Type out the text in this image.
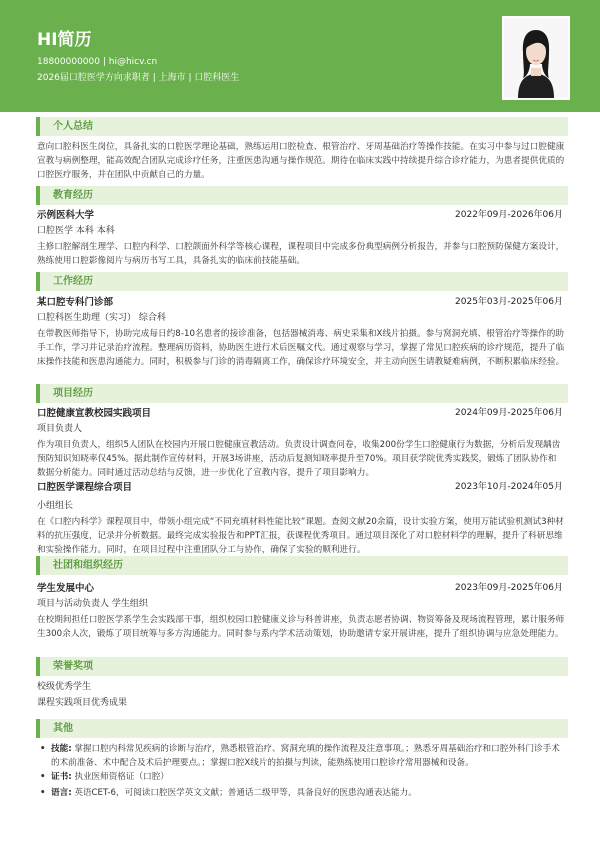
HI简历
18800000000 | hi@hicv.cn
2026届口腔医学方向求职者 | 上海市 | 口腔科医生
个人总结
意向口腔科医生岗位，具备扎实的口腔医学理论基础，熟练运用口腔检查、根管治疗、牙周基础治疗等操作技能。在实习中参与过口腔健康宣教与病例整理，能高效配合团队完成诊疗任务，注重医患沟通与操作规范。期待在临床实践中持续提升综合诊疗能力，为患者提供优质的口腔医疗服务，并在团队中贡献自己的力量。
教育经历
示例医科大学	2022年09月-2026年06月
口腔医学 本科 本科
主修口腔解剖生理学、口腔内科学、口腔颌面外科学等核心课程，课程项目中完成多份典型病例分析报告，并参与口腔预防保健方案设计，熟练使用口腔影像阅片与病历书写工具，具备扎实的临床前技能基础。
工作经历
某口腔专科门诊部	2025年03月-2025年06月
口腔科医生助理（实习） 综合科
在带教医师指导下，协助完成每日约8-10名患者的接诊准备，包括器械消毒、病史采集和X线片拍摄。参与窝洞充填、根管治疗等操作的助手工作，学习并记录治疗流程。整理病历资料，协助医生进行术后医嘱文代。通过观察与学习，掌握了常见口腔疾病的诊疗规范，提升了临床操作技能和医患沟通能力。同时，积极参与门诊的消毒隔离工作，确保诊疗环境安全，并主动向医生请教疑难病例，不断积累临床经验。
项目经历
口腔健康宣教校园实践项目	2024年09月-2025年06月
项目负责人
作为项目负责人，组织5人团队在校园内开展口腔健康宣教活动。负责设计调查问卷，收集200份学生口腔健康行为数据，分析后发现龋齿预防知识知晓率仅45%。据此制作宣传材料，开展3场讲座，活动后复测知晓率提升至70%。项目获学院优秀实践奖，锻炼了团队协作和数据分析能力。同时通过活动总结与反馈，进一步优化了宣教内容，提升了项目影响力。
口腔医学课程综合项目	2023年10月-2024年05月
小组组长
在《口腔内科学》课程项目中，带领小组完成“不同充填材料性能比较”课题。查阅文献20余篇，设计实验方案，使用万能试验机测试3种材料的抗压强度，记录并分析数据。最终完成实验报告和PPT汇报，获课程优秀项目。通过项目深化了对口腔材料学的理解，提升了科研思维和实验操作能力。同时，在项目过程中注重团队分工与协作，确保了实验的顺利进行。
社团和组织经历
学生发展中心	2023年09月-2025年06月
项目与活动负责人 学生组织
在校期间担任口腔医学系学生会实践部干事，组织校园口腔健康义诊与科普讲座，负责志愿者协调、物资筹备及现场流程管理，累计服务师生300余人次，锻炼了项目统筹与多方沟通能力。同时参与系内学术活动策划，协助邀请专家开展讲座，提升了组织协调与应急处理能力。
荣誉奖项
校级优秀学生
课程实践项目优秀成果
其他
• 技能: 掌握口腔内科常见疾病的诊断与治疗，熟悉根管治疗、窝洞充填的操作流程及注意事项。；熟悉牙周基础治疗和口腔外科门诊手术的术前准备、术中配合及术后护理要点。；掌握口腔X线片的拍摄与判读，能熟练使用口腔诊疗常用器械和设备。
• 证书: 执业医师资格证（口腔）
• 语言: 英语CET-6，可阅读口腔医学英文文献；普通话二级甲等，具备良好的医患沟通表达能力。
